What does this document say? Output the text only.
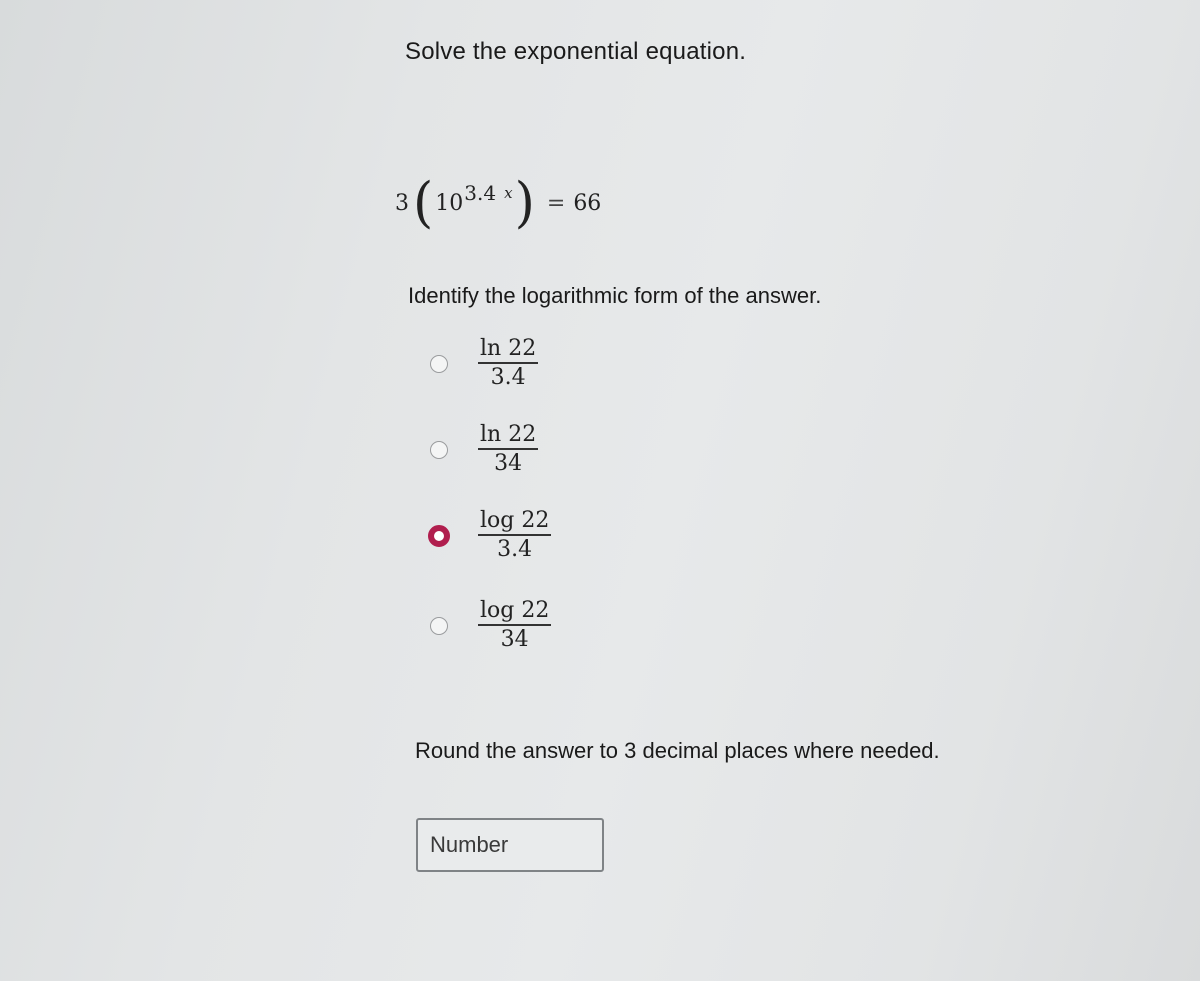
Solve the exponential equation.
3 ( 10 3.4 x ) = 66
Identify the logarithmic form of the answer.
$\frac{\ln 22}{3.4}$
$\frac{\ln 22}{34}$
$\frac{\log 22}{3.4}$
$\frac{\log 22}{34}$
Round the answer to 3 decimal places where needed.
Number
